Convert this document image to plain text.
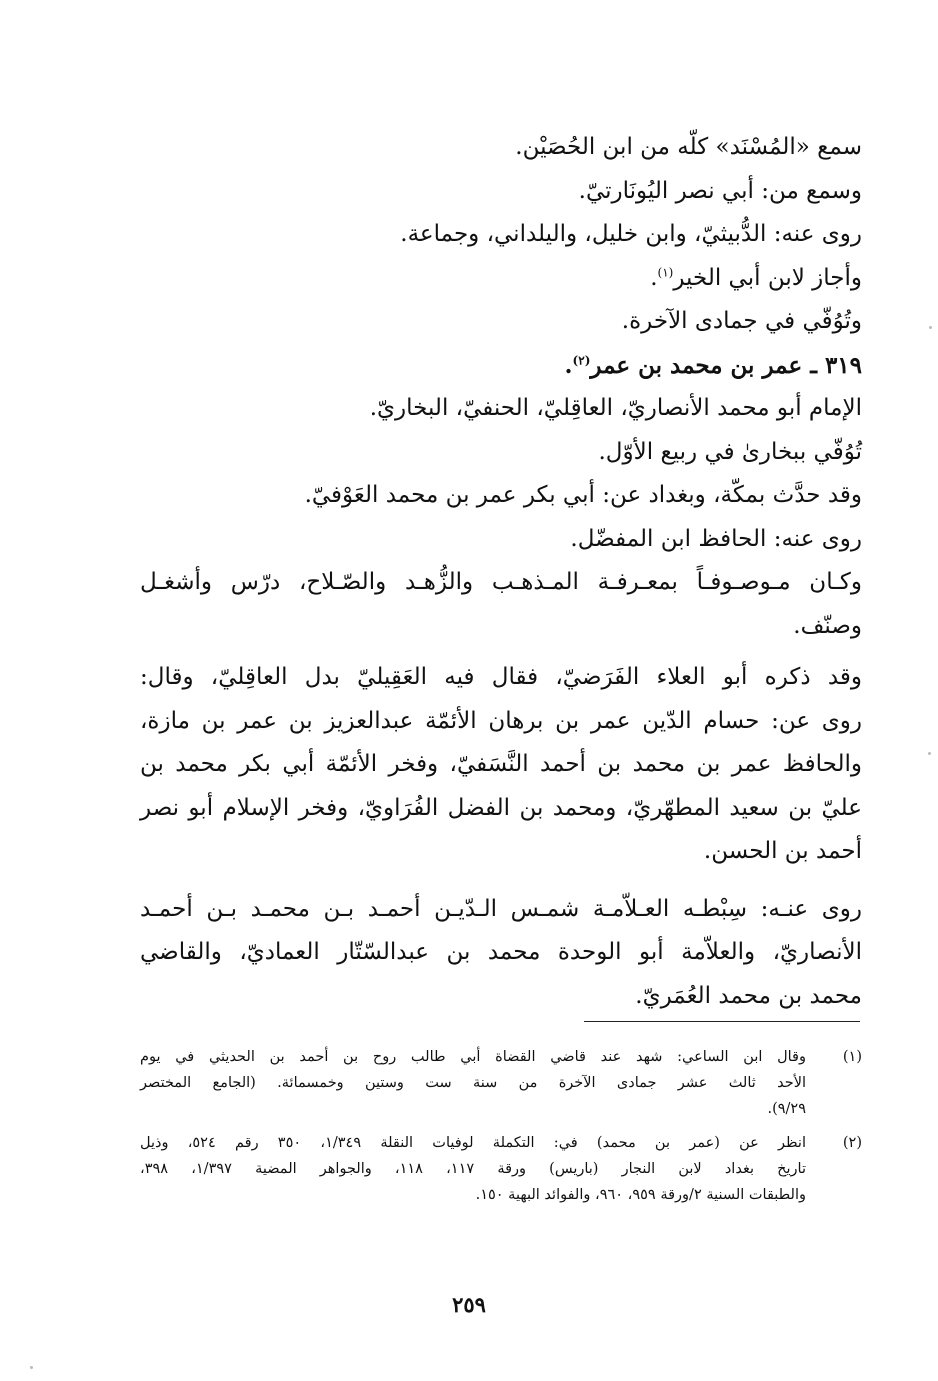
سمع «المُسْنَد» كلّه من ابن الحُصَيْن.
وسمع من: أبي نصر اليُونَارتيّ.
روى عنه: الدُّبيثيّ، وابن خليل، واليلداني، وجماعة.
وأجاز لابن أبي الخير$^{(١)}$.
وتُوُفّي في جمادى الآخرة.
٣١٩ ـ عمر بن محمد بن عمر$^{(٢)}$.
الإمام أبو محمد الأنصاريّ، العاقِليّ، الحنفيّ، البخاريّ.
تُوُفّي ببخارىٰ في ربيع الأوّل.
وقد حدَّث بمكّة، وبغداد عن: أبي بكر عمر بن محمد العَوْفيّ.
روى عنه: الحافظ ابن المفضّل.
وكـان مـوصـوفـاً بمعـرفـة المـذهـب والزُّهـد والصّـلاح، درّس وأشغـل
وصنّف.
وقد ذكره أبو العلاء الفَرَضيّ، فقال فيه العَقِيليّ بدل العاقِليّ، وقال:
روى عن: حسام الدّين عمر بن برهان الأئمّة عبدالعزيز بن عمر بن مازة،
والحافظ عمر بن محمد بن أحمد النَّسَفيّ، وفخر الأئمّة أبي بكر محمد بن
عليّ بن سعيد المطهّريّ، ومحمد بن الفضل الفُرَاويّ، وفخر الإسلام أبو نصر
أحمد بن الحسن.
روى عنـه: سِبْطـه العـلاّمـة شمـس الـدّيـن أحمـد بـن محمـد بـن أحمـد
الأنصاريّ، والعلاّمة أبو الوحدة محمد بن عبدالسّتّار العماديّ، والقاضي
محمد بن محمد العُمَريّ.
(١)
وقال ابن الساعي: شهد عند قاضي القضاة أبي طالب روح بن أحمد بن الحديثي في يوم
الأحد ثالث عشر جمادى الآخرة من سنة ست وستين وخمسمائة. (الجامع المختصر
٩/٢٩).
(٢)
انظر عن (عمر بن محمد) في: التكملة لوفيات النقلة ١/٣٤٩، ٣٥٠ رقم ٥٢٤، وذيل
تاريخ بغداد لابن النجار (باريس) ورقة ١١٧، ١١٨، والجواهر المضية ١/٣٩٧، ٣٩٨،
والطبقات السنية ٢/ورقة ٩٥٩، ٩٦٠، والفوائد البهية ١٥٠.
٢٥٩
